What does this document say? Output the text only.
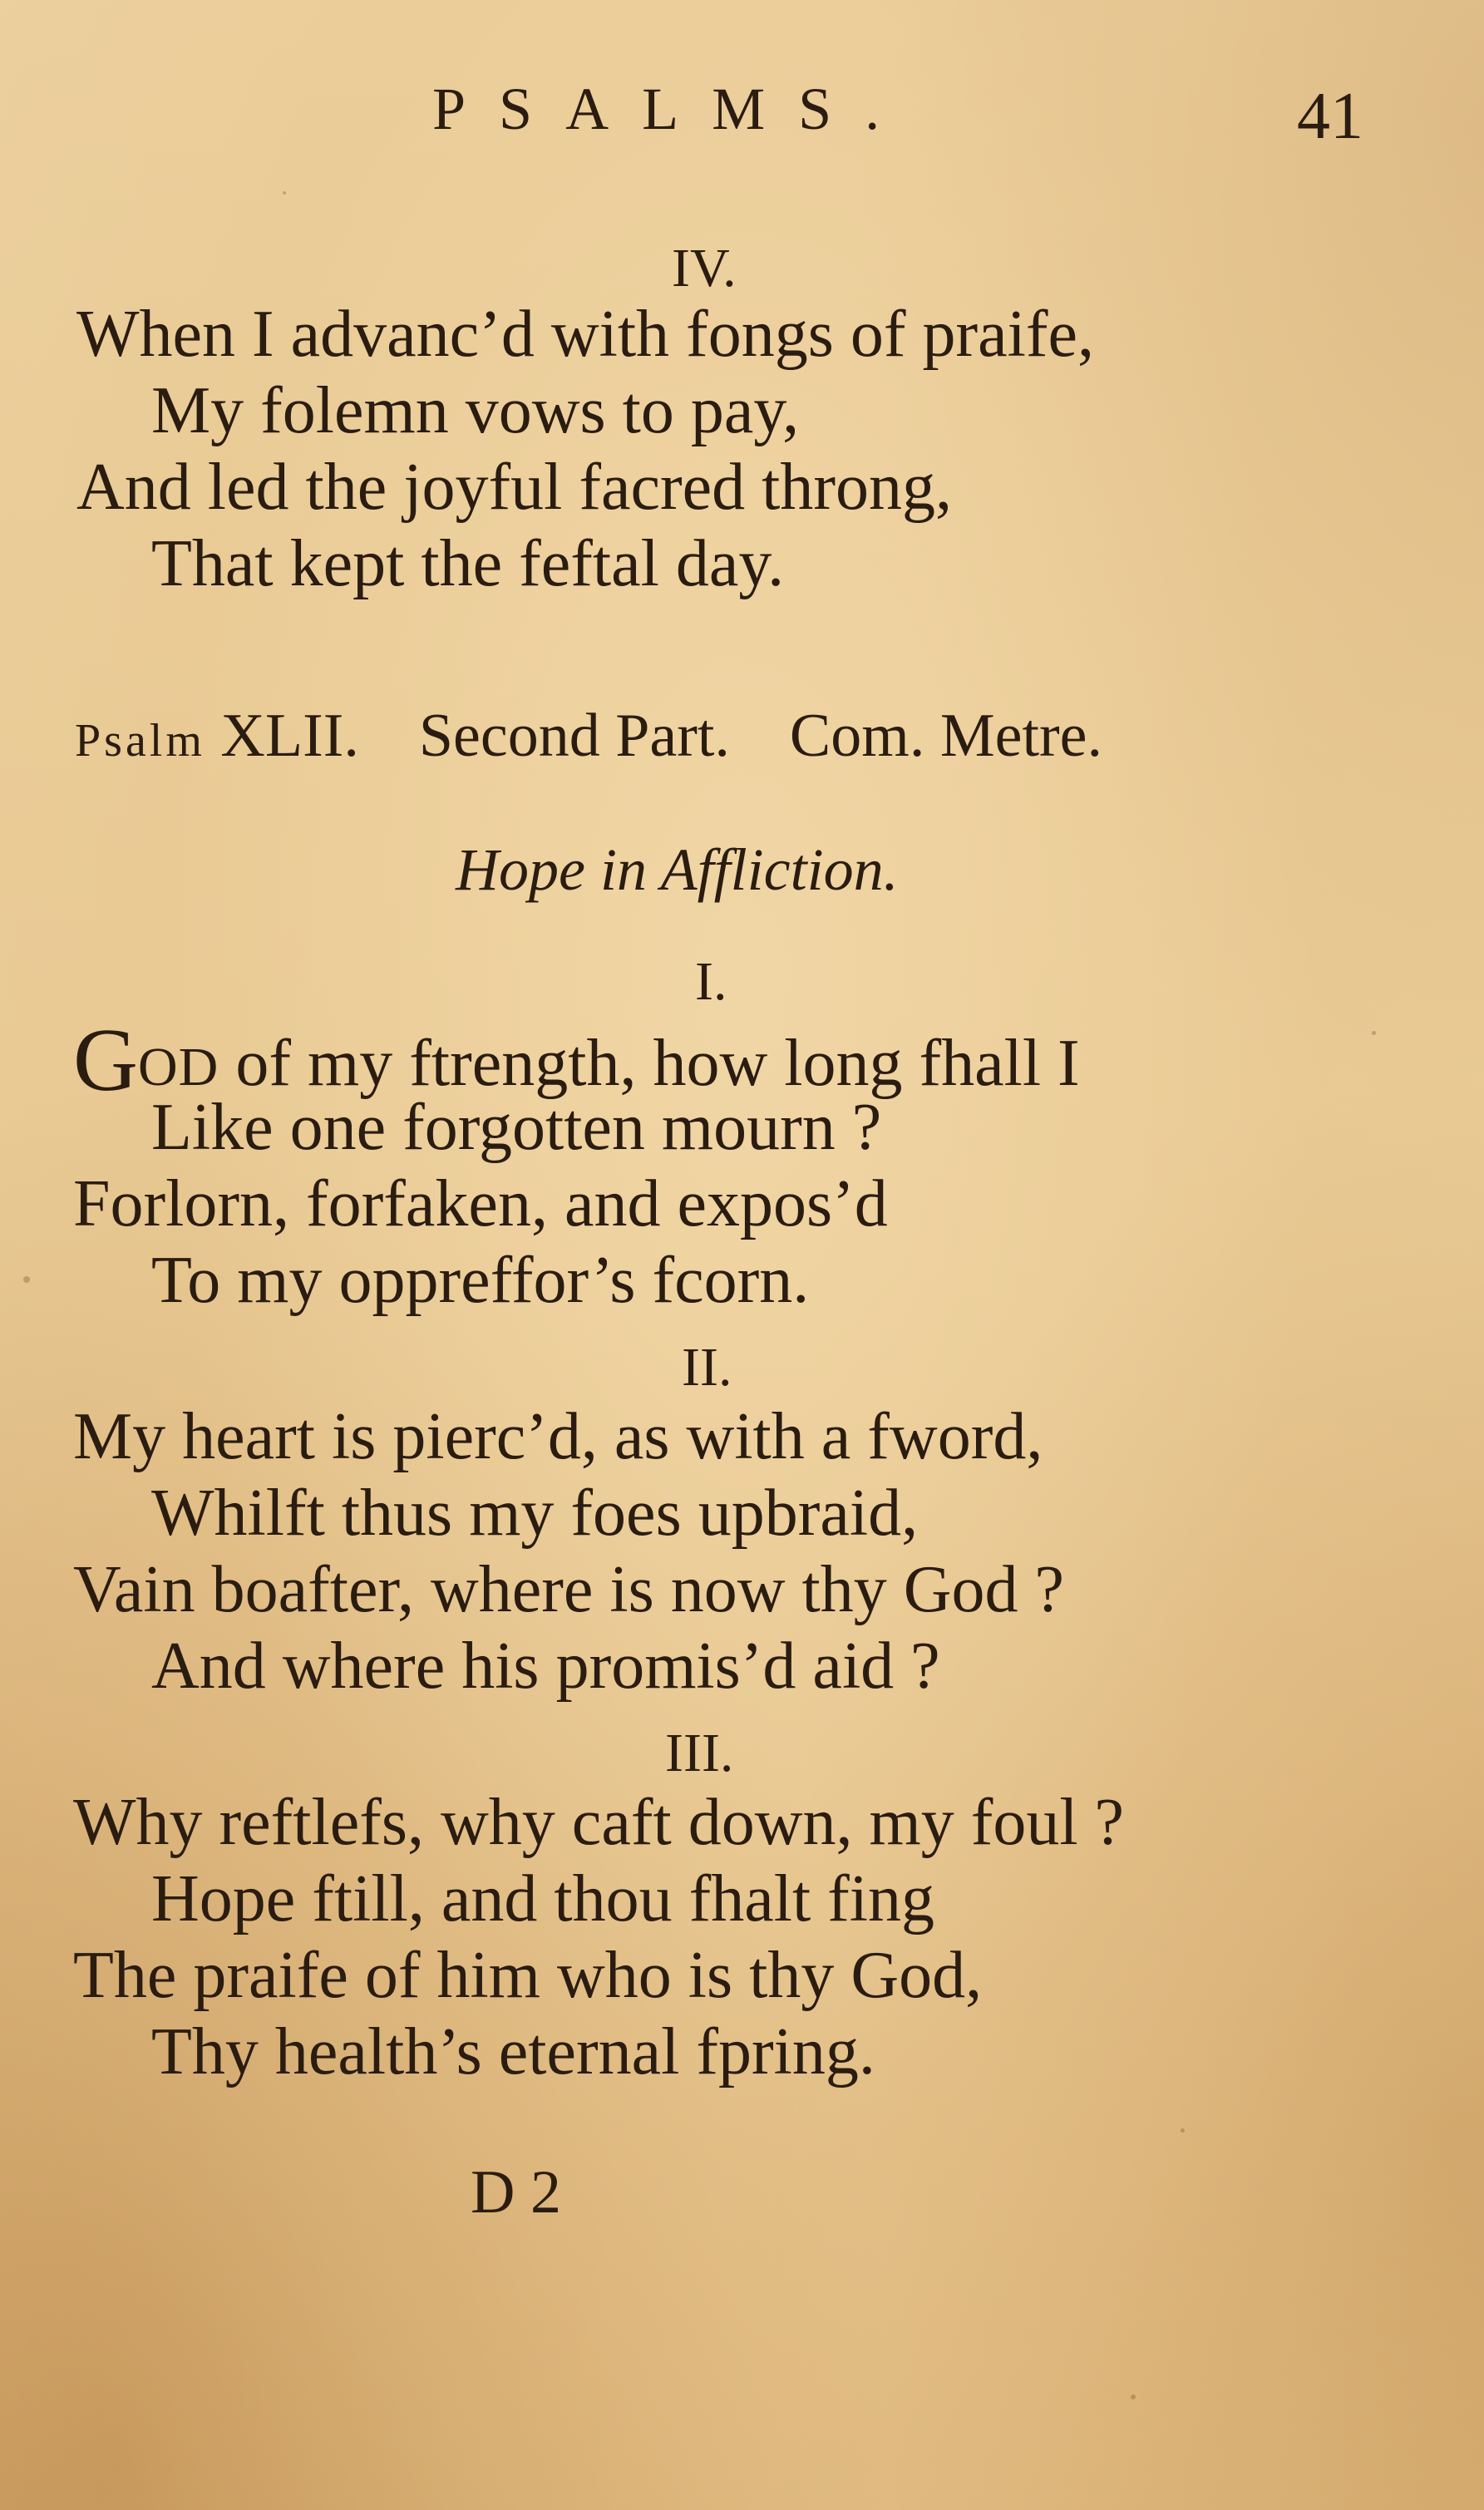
PSALMS.	41
IV.
When I advanc’d with fongs of praife,
My folemn vows to pay,
And led the joyful facred throng,
That kept the feftal day.
Psalm XLII. Second Part. Com. Metre.
Hope in Affliction.
I.
GOD of my ftrength, how long fhall I
Like one forgotten mourn ?
Forlorn, forfaken, and expos’d
To my oppreffor’s fcorn.
II.
My heart is pierc’d, as with a fword,
Whilft thus my foes upbraid,
Vain boafter, where is now thy God ?
And where his promis’d aid ?
III.
Why reftlefs, why caft down, my foul ?
Hope ftill, and thou fhalt fing
The praife of him who is thy God,
Thy health’s eternal fpring.
D 2
